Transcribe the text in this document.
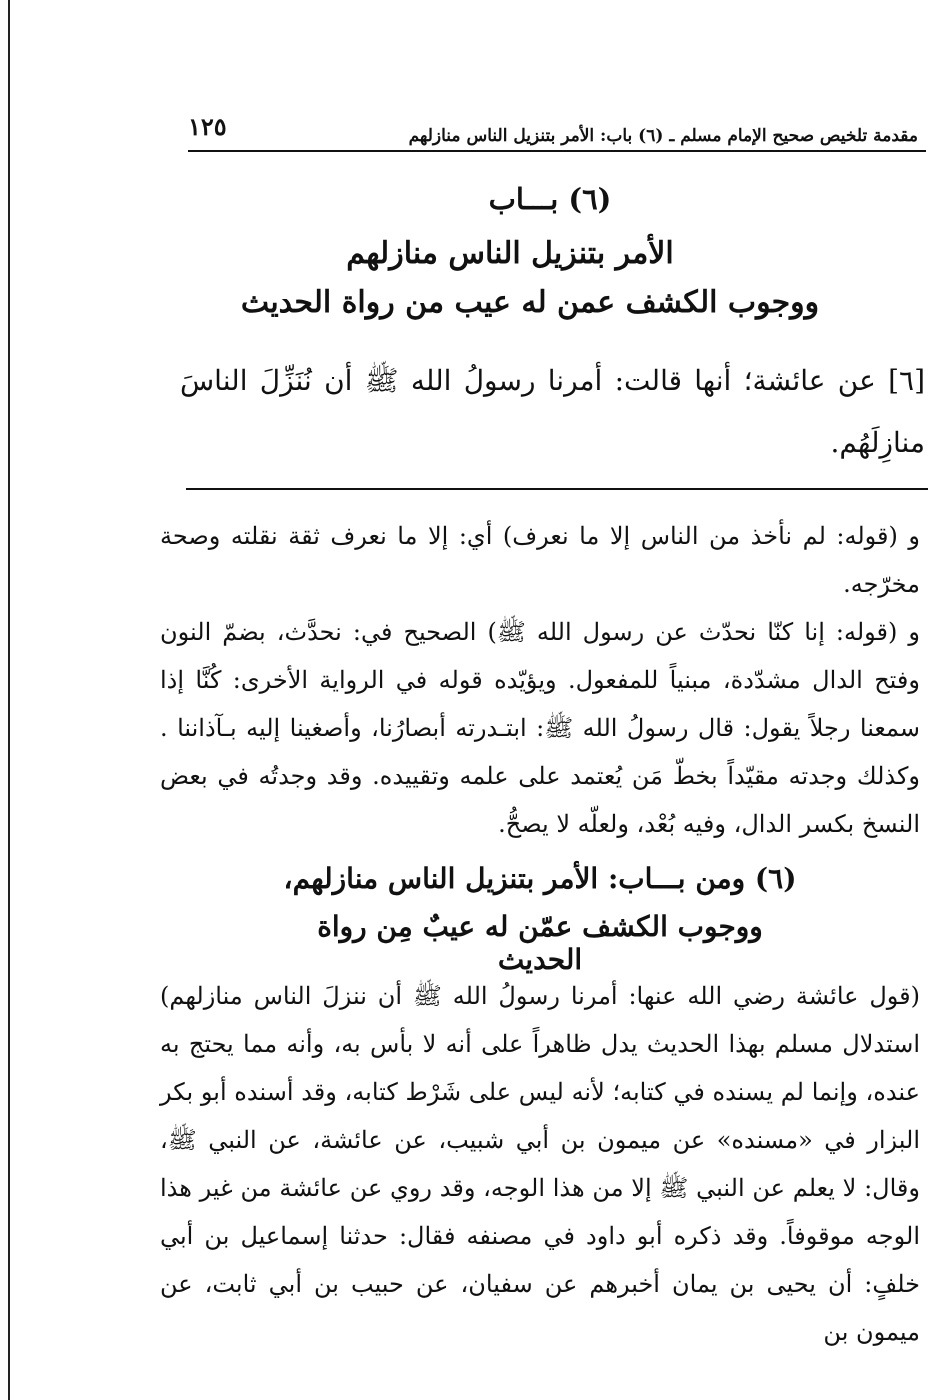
١٢٥	مقدمة تلخيص صحيح الإمام مسلم ـ (٦) باب: الأمر بتنزيل الناس منازلهم
(٦) بـــاب
الأمر بتنزيل الناس منازلهم
ووجوب الكشف عمن له عيب من رواة الحديث
[٦] عن عائشة؛ أنها قالت: أمرنا رسولُ الله ﷺ أن نُنَزِّلَ الناسَ منازِلَهُم.
و (قوله: لم نأخذ من الناس إلا ما نعرف) أي: إلا ما نعرف ثقة نقلته وصحة مخرّجه.
و (قوله: إنا كنّا نحدّث عن رسول الله ﷺ) الصحيح في: نحدَّث، بضمّ النون وفتح الدال مشدّدة، مبنياً للمفعول. ويؤيّده قوله في الرواية الأخرى: كُنَّا إذا سمعنا رجلاً يقول: قال رسولُ الله ﷺ: ابتـدرته أبصارُنا، وأصغينا إليه بـآذاننا . وكذلك وجدته مقيّداً بخطّ مَن يُعتمد على علمه وتقييده. وقد وجدتُه في بعض النسخ بكسر الدال، وفيه بُعْد، ولعلّه لا يصحُّ.
(٦) ومن بـــاب: الأمر بتنزيل الناس منازلهم،
ووجوب الكشف عمّن له عيبٌ مِن رواة الحديث
(قول عائشة رضي الله عنها: أمرنا رسولُ الله ﷺ أن ننزلَ الناس منازلهم) استدلال مسلم بهذا الحديث يدل ظاهراً على أنه لا بأس به، وأنه مما يحتج به عنده، وإنما لم يسنده في كتابه؛ لأنه ليس على شَرْط كتابه، وقد أسنده أبو بكر البزار في «مسنده» عن ميمون بن أبي شبيب، عن عائشة، عن النبي ﷺ، وقال: لا يعلم عن النبي ﷺ إلا من هذا الوجه، وقد روي عن عائشة من غير هذا الوجه موقوفاً. وقد ذكره أبو داود في مصنفه فقال: حدثنا إسماعيل بن أبي خلفٍ: أن يحيى بن يمان أخبرهم عن سفيان، عن حبيب بن أبي ثابت، عن ميمون بن
